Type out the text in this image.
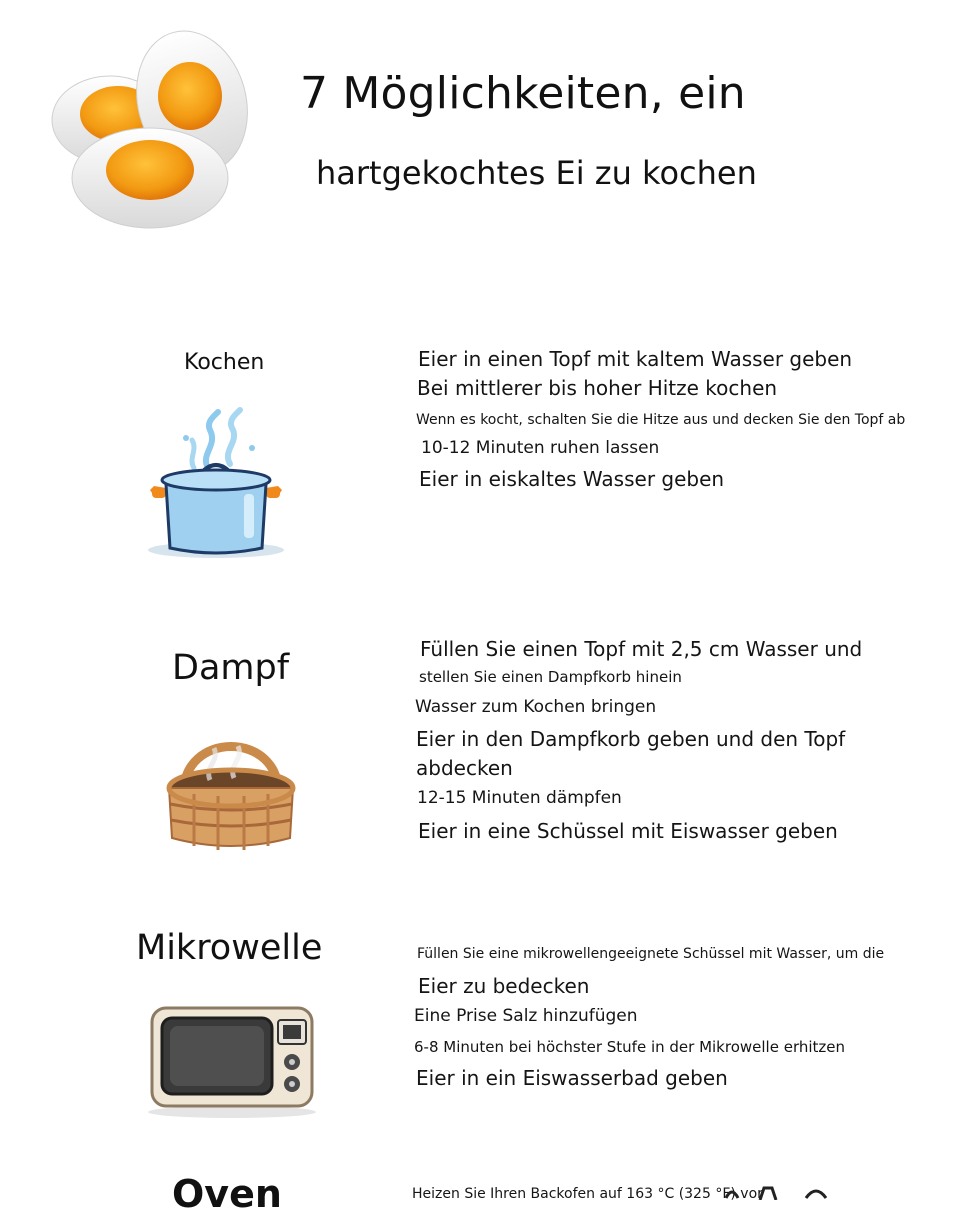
7 Möglichkeiten, ein
hartgekochtes Ei zu kochen
Kochen	Eier in einen Topf mit kaltem Wasser geben
Bei mittlerer bis hoher Hitze kochen
Wenn es kocht, schalten Sie die Hitze aus und decken Sie den Topf ab
10-12 Minuten ruhen lassen
Eier in eiskaltes Wasser geben
Dampf	Füllen Sie einen Topf mit 2,5 cm Wasser und
stellen Sie einen Dampfkorb hinein
Wasser zum Kochen bringen
Eier in den Dampfkorb geben und den Topf
abdecken
12-15 Minuten dämpfen
Eier in eine Schüssel mit Eiswasser geben
Mikrowelle	Füllen Sie eine mikrowellengeeignete Schüssel mit Wasser, um die
Eier zu bedecken
Eine Prise Salz hinzufügen
6-8 Minuten bei höchster Stufe in der Mikrowelle erhitzen
Eier in ein Eiswasserbad geben
Oven	Heizen Sie Ihren Backofen auf 163 °C (325 °F) vor
